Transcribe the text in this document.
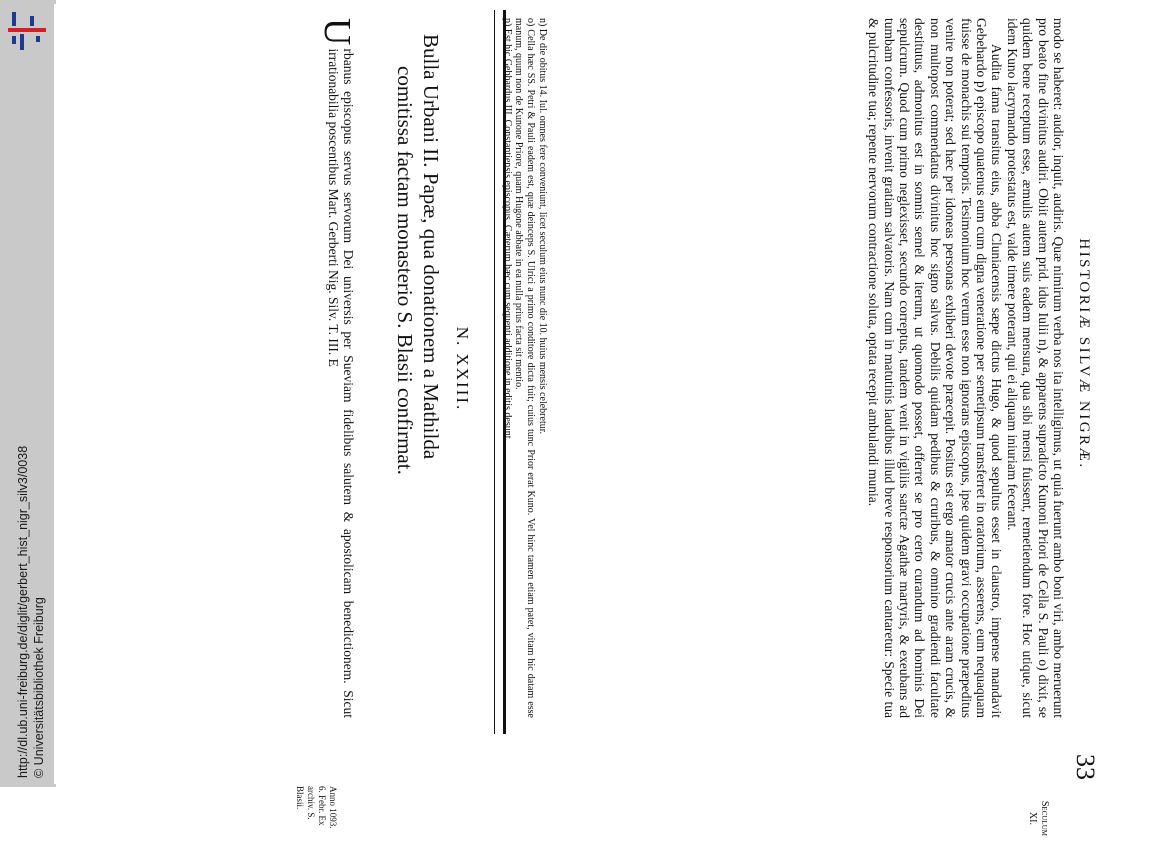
http://dl.ub.uni-freiburg.de/diglit/gerbert_hist_nigr_silv3/0038 © Universitätsbibliothek Freiburg
HISTORIÆ SILVÆ NIGRÆ.
33
Seculum
XI.

modo se haberet: audior, inquit, audiris. Quæ nimirum verba nos ita intelligimus, ut quia fuerunt ambo boni viri, ambo meruerunt pro beato fine divinitus audiri. Obiit autem prid. idus Iulii n), & apparens supradicto Kunoni Priori de Cella S. Pauli o) dixit, se quidem bene receptum esse, æmulis autem suis eadem mensura, qua sibi mensi fuissent, remetiendum fore. Hoc utique, sicut idem Kuno lacrymando protestatus est, valde timere poterant, qui ei aliquam iniuriam fecerant.

Audita fama transitus eius, abba Cluniacensis sæpe dictus Hugo, & quod sepultus esset in claustro, impense mandavit Gebehardo p) episcopo quatenus eum cum digna veneratione per semetipsum transferret in oratorium, asserens, eum nequaquam fuisse de monachis sui temporis. Tesimonium hoc verum esse non ignorans episcopus, ipse quidem gravi occupatione præpeditus venire non poterat; sed hæc per idoneas personas exhiberi devote præcepit. Positus est ergo amator crucis ante aram crucis, & non multopost commendatus divinitus hoc signo salvus. Debilis quidam pedibus & cruribus, & omnino gradiendi facultate destitutus, admonitus est in somnis semel & iterum, ut quomodo posset, offerret se pro certo curandum ad hominis Dei sepulcrum. Quod cum primo neglexisset, secundo correptus, tandem venit in vigiliis sanctæ Agathæ martyris, & exeubans ad tumbam confessoris, invenit gratiam salvatoris. Nam cum in matutinis laudibus illud breve responsorium cantaretur: Specie tua & pulcritudine tua; repente nervorum contractione soluta, optata recepit ambulandi munia.

n) De die obitus 14. Iul. omnes fere conveniunt, licet seculum eius nunc die 10. huius mensis celebretur.

o) Cella hæc SS. Petri & Pauli eadem est, quæ deinceps S. Ulrici a primo conditore dicta fuit; cuius tunc Prior erat Kuno. Vel hinc tamen etiam patet, vitam hic datam esse manum, quum non de Kunone Priore, quam Hugone abbate in ea nulla prius facta sit mentio.

p) Est hic Gebhardus III. Constantiensis episcopus. Cæterum hæc cum sequenti additione in editis desunt.

N. XXIII.

Bulla Urbani II. Papæ, qua donationem a Mathilda

comitissa factam monasterio S. Blasii confirmat.

U

rbanus episcopus servus servorum Dei universis per Sueviam fidelibus salutem & apostolicam benedictionem. Sicut irrationabilia poscentibus Mart. Gerberti Nig. Silv. T. III. E

Anno 1093.
6. Febr. Ex
archiv. S.
Blasii.
